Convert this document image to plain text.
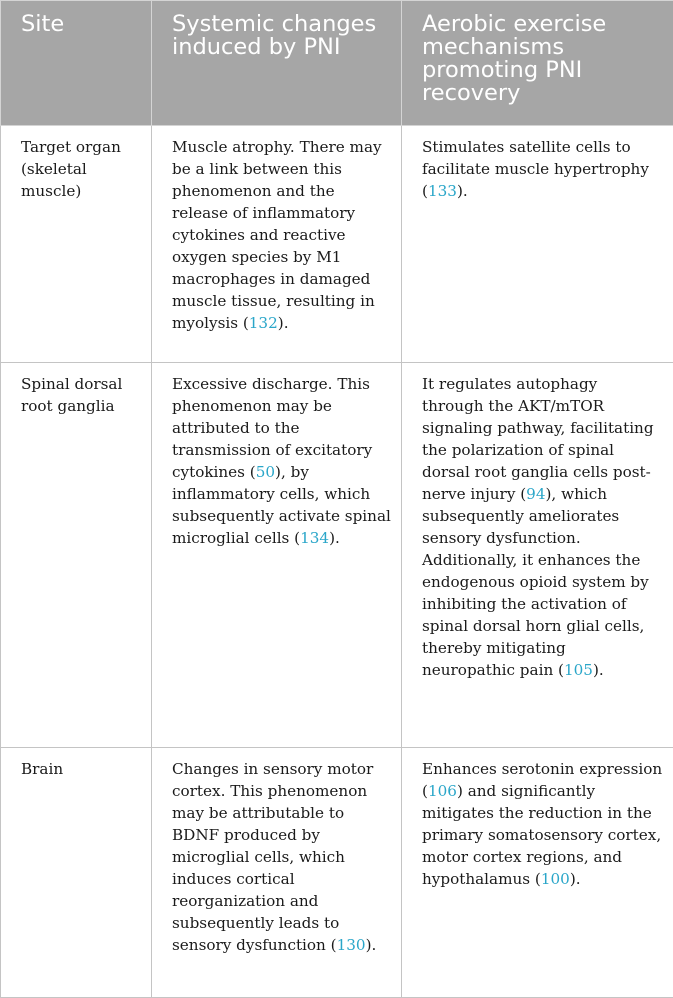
Site	Systemic changes induced by PNI	Aerobic exercise mechanisms promoting PNI recovery
Target organ (skeletal muscle)	Muscle atrophy. There may be a link between this phenomenon and the release of inflammatory cytokines and reactive oxygen species by M1 macrophages in damaged muscle tissue, resulting in myolysis (132).	Stimulates satellite cells to facilitate muscle hypertrophy (133).
Spinal dorsal root ganglia	Excessive discharge. This phenomenon may be attributed to the transmission of excitatory cytokines (50), by inflammatory cells, which subsequently activate spinal microglial cells (134).	It regulates autophagy through the AKT/mTOR signaling pathway, facilitating the polarization of spinal dorsal root ganglia cells post-nerve injury (94), which subsequently ameliorates sensory dysfunction. Additionally, it enhances the endogenous opioid system by inhibiting the activation of spinal dorsal horn glial cells, thereby mitigating neuropathic pain (105).
Brain	Changes in sensory motor cortex. This phenomenon may be attributable to BDNF produced by microglial cells, which induces cortical reorganization and subsequently leads to sensory dysfunction (130).	Enhances serotonin expression (106) and significantly mitigates the reduction in the primary somatosensory cortex, motor cortex regions, and hypothalamus (100).
